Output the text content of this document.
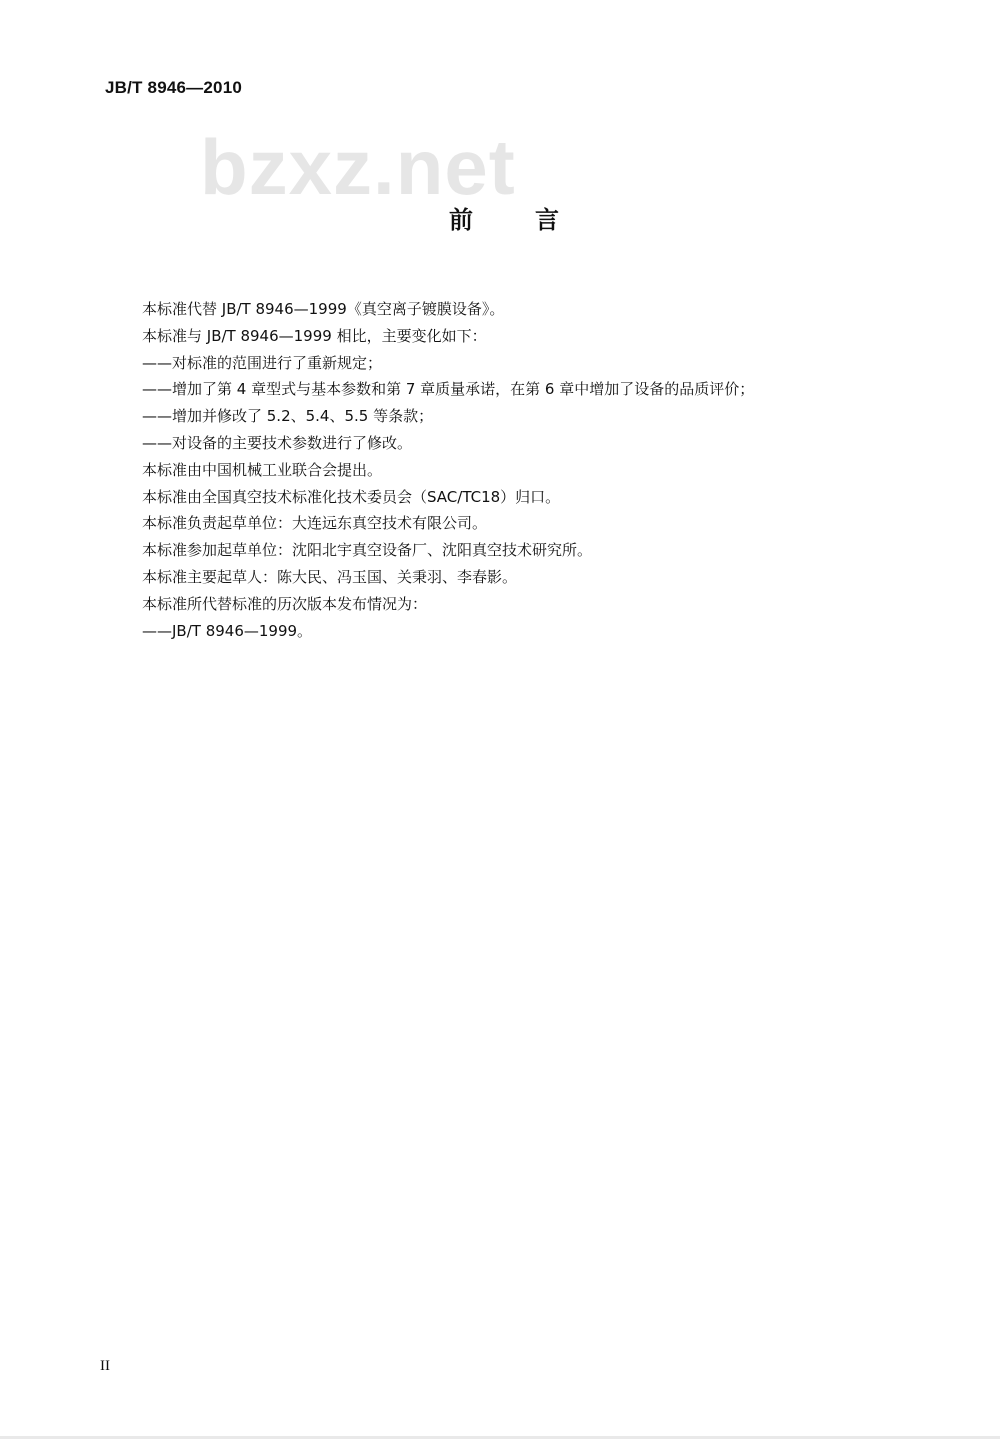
JB/T 8946—2010
bzxz.net
前	言
本标准代替 JB/T 8946—1999《真空离子镀膜设备》。
本标准与 JB/T 8946—1999 相比，主要变化如下：
——对标准的范围进行了重新规定；
——增加了第 4 章型式与基本参数和第 7 章质量承诺，在第 6 章中增加了设备的品质评价；
——增加并修改了 5.2、5.4、5.5 等条款；
——对设备的主要技术参数进行了修改。
本标准由中国机械工业联合会提出。
本标准由全国真空技术标准化技术委员会（SAC/TC18）归口。
本标准负责起草单位：大连远东真空技术有限公司。
本标准参加起草单位：沈阳北宇真空设备厂、沈阳真空技术研究所。
本标准主要起草人：陈大民、冯玉国、关秉羽、李春影。
本标准所代替标准的历次版本发布情况为：
——JB/T 8946—1999。
II
